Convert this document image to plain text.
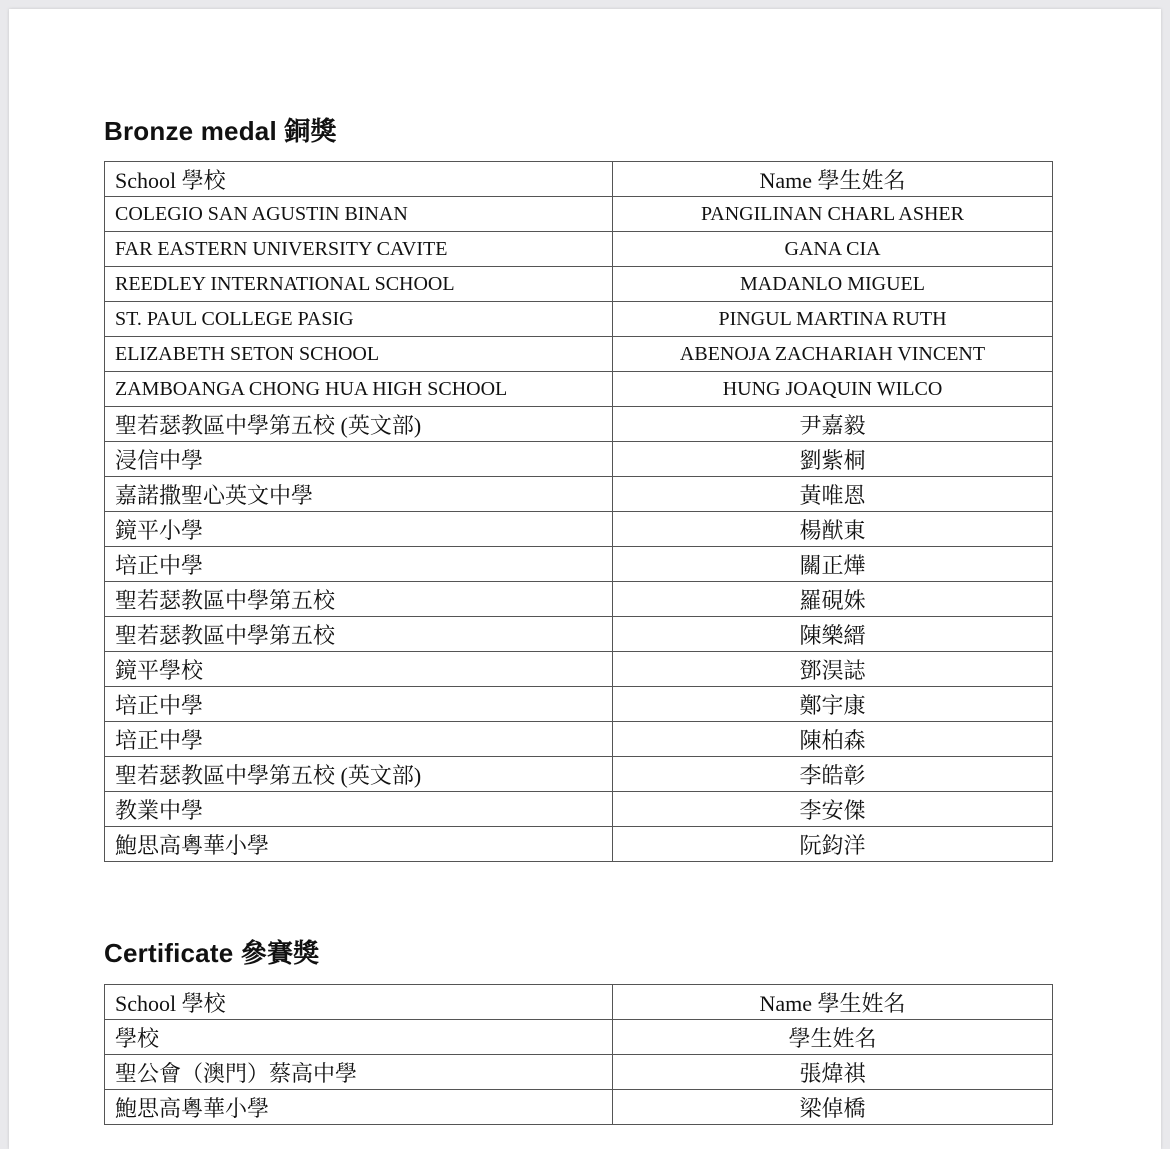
Bronze medal 銅獎
School 學校	Name 學生姓名
COLEGIO SAN AGUSTIN BINAN	PANGILINAN CHARL ASHER
FAR EASTERN UNIVERSITY CAVITE	GANA CIA
REEDLEY INTERNATIONAL SCHOOL	MADANLO MIGUEL
ST. PAUL COLLEGE PASIG	PINGUL MARTINA RUTH
ELIZABETH SETON SCHOOL	ABENOJA ZACHARIAH VINCENT
ZAMBOANGA CHONG HUA HIGH SCHOOL	HUNG JOAQUIN WILCO
聖若瑟教區中學第五校 (英文部)	尹嘉毅
浸信中學	劉紫桐
嘉諾撒聖心英文中學	黃唯恩
鏡平小學	楊猷東
培正中學	關正燁
聖若瑟教區中學第五校	羅硯姝
聖若瑟教區中學第五校	陳樂縉
鏡平學校	鄧淏誌
培正中學	鄭宇康
培正中學	陳柏森
聖若瑟教區中學第五校 (英文部)	李皓彰
教業中學	李安傑
鮑思高粵華小學	阮鈞洋
Certificate 參賽獎
School 學校	Name 學生姓名
學校	學生姓名
聖公會（澳門）蔡高中學	張煒祺
鮑思高粵華小學	梁倬橋
